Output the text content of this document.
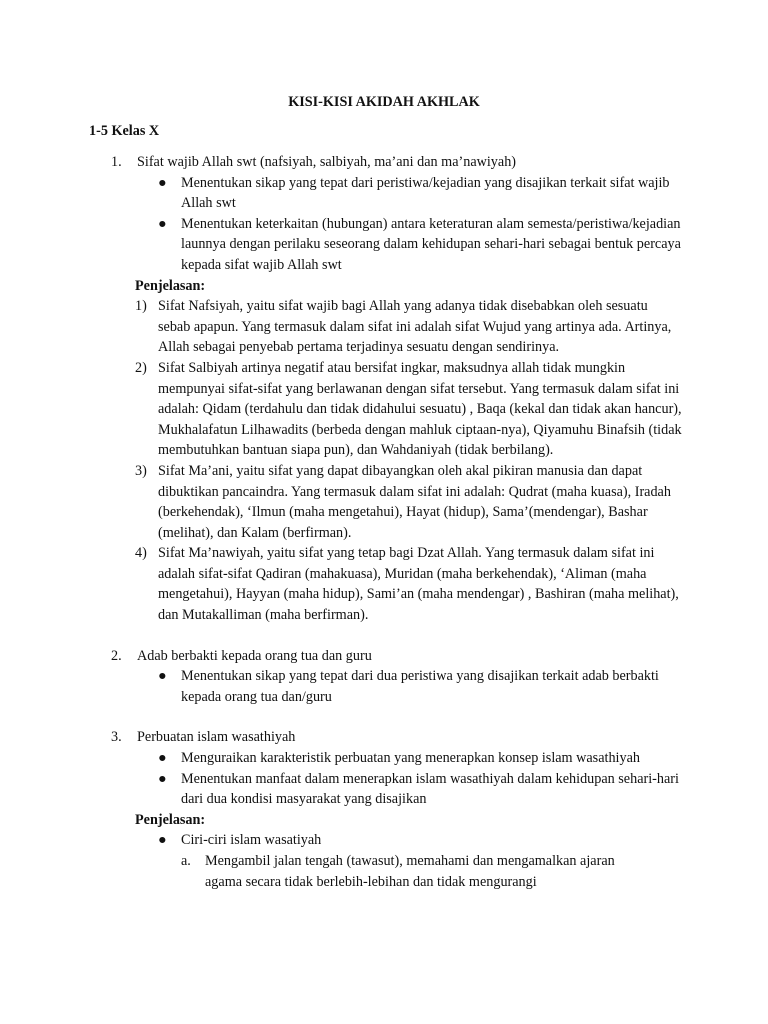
KISI-KISI AKIDAH AKHLAK
1-5 Kelas X
1. Sifat wajib Allah swt (nafsiyah, salbiyah, ma’ani dan ma’nawiyah)
● Menentukan sikap yang tepat dari peristiwa/kejadian yang disajikan terkait sifat wajib Allah swt
● Menentukan keterkaitan (hubungan) antara keteraturan alam semesta/peristiwa/kejadian launnya dengan perilaku seseorang dalam kehidupan sehari-hari sebagai bentuk percaya kepada sifat wajib Allah swt
Penjelasan:
1) Sifat Nafsiyah, yaitu sifat wajib bagi Allah yang adanya tidak disebabkan oleh sesuatu sebab apapun. Yang termasuk dalam sifat ini adalah sifat Wujud yang artinya ada. Artinya, Allah sebagai penyebab pertama terjadinya sesuatu dengan sendirinya.
2) Sifat Salbiyah artinya negatif atau bersifat ingkar, maksudnya allah tidak mungkin mempunyai sifat-sifat yang berlawanan dengan sifat tersebut. Yang termasuk dalam sifat ini adalah: Qidam (terdahulu dan tidak didahului sesuatu) , Baqa (kekal dan tidak akan hancur), Mukhalafatun Lilhawadits (berbeda dengan mahluk ciptaan-nya), Qiyamuhu Binafsih (tidak membutuhkan bantuan siapa pun), dan Wahdaniyah (tidak berbilang).
3) Sifat Ma’ani, yaitu sifat yang dapat dibayangkan oleh akal pikiran manusia dan dapat dibuktikan pancaindra. Yang termasuk dalam sifat ini adalah: Qudrat (maha kuasa), Iradah (berkehendak), ‘Ilmun (maha mengetahui), Hayat (hidup), Sama’(mendengar), Bashar (melihat), dan Kalam (berfirman).
4) Sifat Ma’nawiyah, yaitu sifat yang tetap bagi Dzat Allah. Yang termasuk dalam sifat ini adalah sifat-sifat Qadiran (mahakuasa), Muridan (maha berkehendak), ‘Aliman (maha mengetahui), Hayyan (maha hidup), Sami’an (maha mendengar) , Bashiran (maha melihat), dan Mutakalliman (maha berfirman).
2. Adab berbakti kepada orang tua dan guru
● Menentukan sikap yang tepat dari dua peristiwa yang disajikan terkait adab berbakti kepada orang tua dan/guru
3. Perbuatan islam wasathiyah
● Menguraikan karakteristik perbuatan yang menerapkan konsep islam wasathiyah
● Menentukan manfaat dalam menerapkan islam wasathiyah dalam kehidupan sehari-hari dari dua kondisi masyarakat yang disajikan
Penjelasan:
● Ciri-ciri islam wasatiyah
a. Mengambil jalan tengah (tawasut), memahami dan mengamalkan ajaran agama secara tidak berlebih-lebihan dan tidak mengurangi
